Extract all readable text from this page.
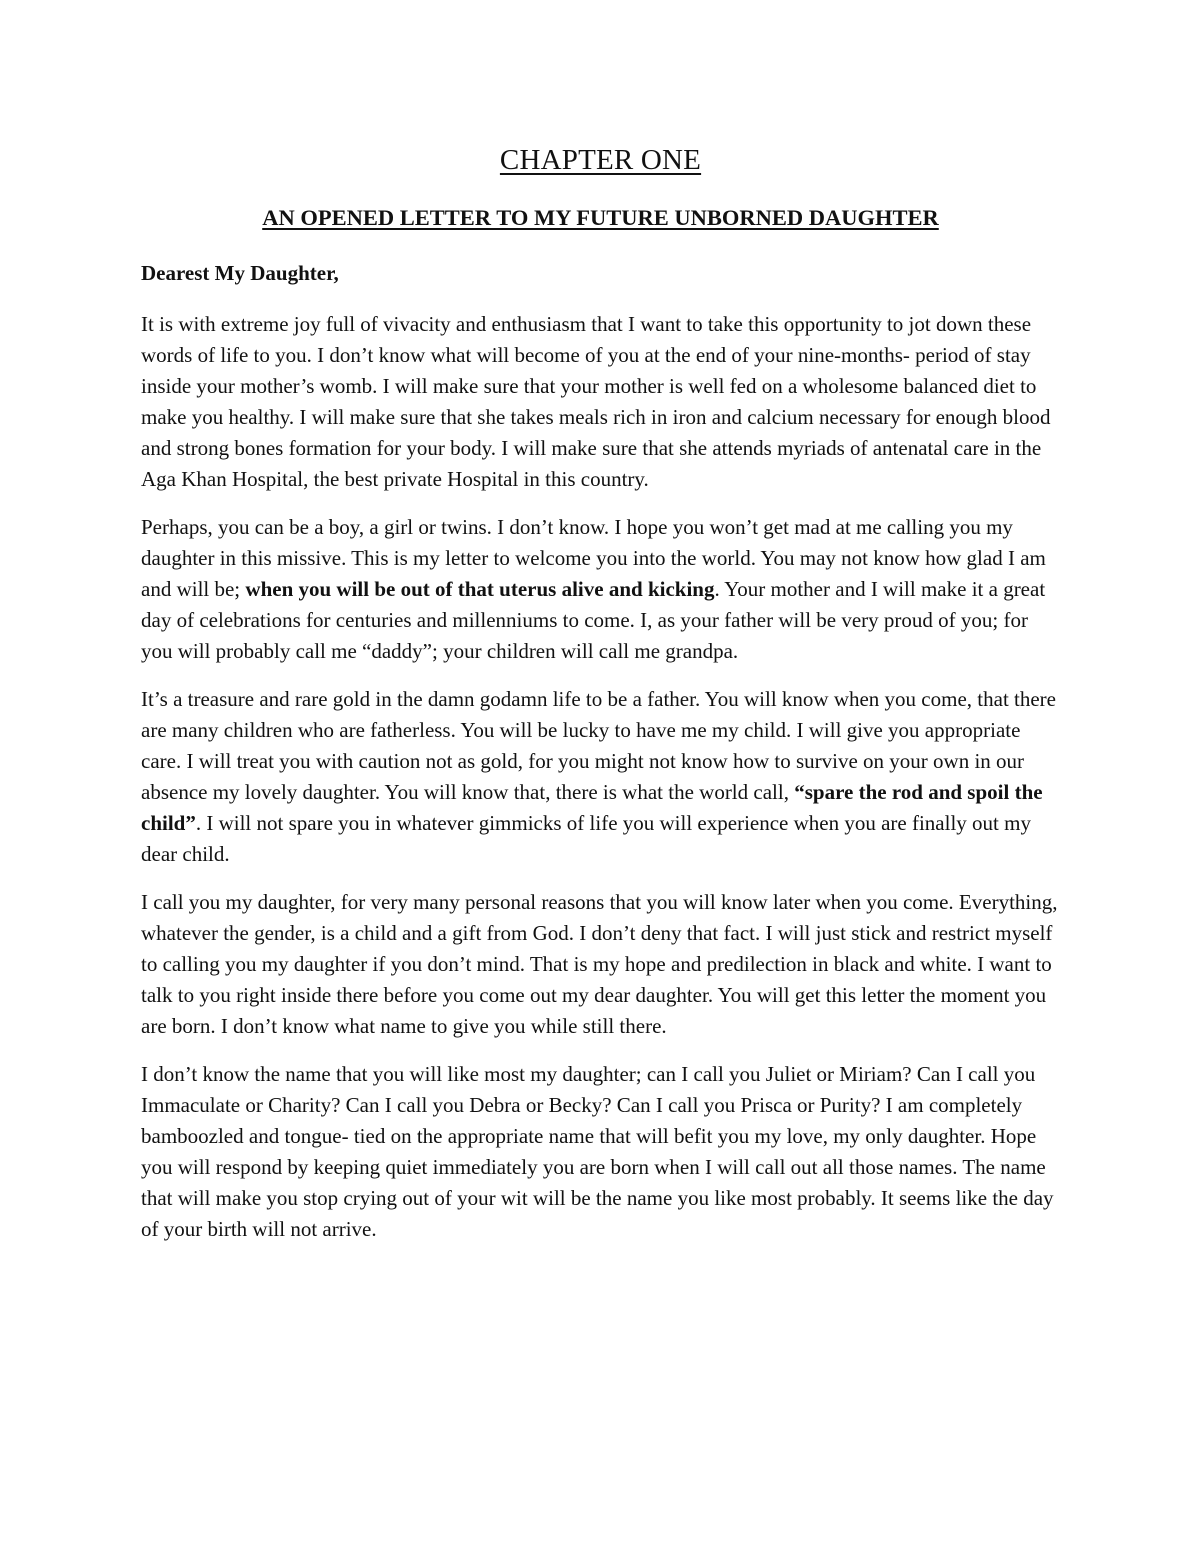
CHAPTER ONE
AN OPENED LETTER TO MY FUTURE UNBORNED DAUGHTER
Dearest My Daughter,

It is with extreme joy full of vivacity and enthusiasm that I want to take this opportunity to jot down these words of life to you. I don’t know what will become of you at the end of your nine-months- period of stay inside your mother’s womb. I will make sure that your mother is well fed on a wholesome balanced diet to make you healthy. I will make sure that she takes meals rich in iron and calcium necessary for enough blood and strong bones formation for your body. I will make sure that she attends myriads of antenatal care in the Aga Khan Hospital, the best private Hospital in this country.

Perhaps, you can be a boy, a girl or twins. I don’t know. I hope you won’t get mad at me calling you my daughter in this missive. This is my letter to welcome you into the world. You may not know how glad I am and will be; when you will be out of that uterus alive and kicking. Your mother and I will make it a great day of celebrations for centuries and millenniums to come. I, as your father will be very proud of you; for you will probably call me “daddy”; your children will call me grandpa.

It’s a treasure and rare gold in the damn godamn life to be a father. You will know when you come, that there are many children who are fatherless. You will be lucky to have me my child. I will give you appropriate care. I will treat you with caution not as gold, for you might not know how to survive on your own in our absence my lovely daughter. You will know that, there is what the world call, “spare the rod and spoil the child”. I will not spare you in whatever gimmicks of life you will experience when you are finally out my dear child.

I call you my daughter, for very many personal reasons that you will know later when you come. Everything, whatever the gender, is a child and a gift from God. I don’t deny that fact. I will just stick and restrict myself to calling you my daughter if you don’t mind. That is my hope and predilection in black and white. I want to talk to you right inside there before you come out my dear daughter. You will get this letter the moment you are born. I don’t know what name to give you while still there.

I don’t know the name that you will like most my daughter; can I call you Juliet or Miriam? Can I call you Immaculate or Charity? Can I call you Debra or Becky? Can I call you Prisca or Purity? I am completely bamboozled and tongue- tied on the appropriate name that will befit you my love, my only daughter. Hope you will respond by keeping quiet immediately you are born when I will call out all those names. The name that will make you stop crying out of your wit will be the name you like most probably. It seems like the day of your birth will not arrive.
